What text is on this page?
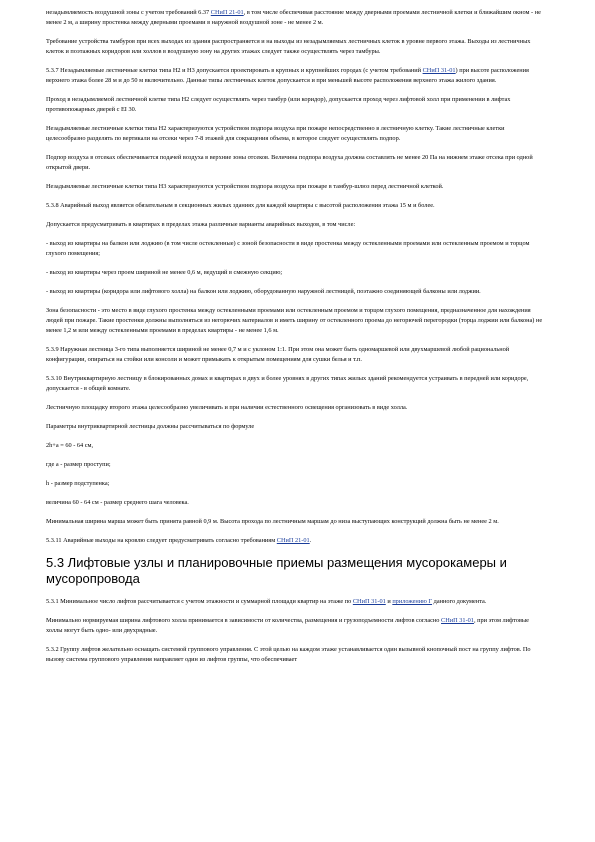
незадымляемость воздушной зоны с учетом требований 6.37 СНиП 21-01, в том числе обеспечивая расстояние между дверными проемами лестничной клетки и ближайшим окном - не менее 2 м, а ширину простенка между дверными проемами в наружной воздушной зоне - не менее 2 м.

Требование устройства тамбуров при всех выходах из здания распространяется и на выходы из незадымляемых лестничных клеток в уровне первого этажа. Выходы из лестничных клеток и поэтажных коридоров или холлов в воздушную зону на других этажах следует также осуществлять через тамбуры.

5.3.7 Незадымляемые лестничные клетки типа Н2 и Н3 допускается проектировать в крупных и крупнейших городах (с учетом требований СНиП 31-01) при высоте расположения верхнего этажа более 28 м и до 50 м включительно. Данные типы лестничных клеток допускается и при меньшей высоте расположения верхнего этажа жилого здания.

Проход в незадымляемой лестничной клетке типа Н2 следует осуществлять через тамбур (или коридор), допускается проход через лифтовой холл при применении в лифтах противопожарных дверей с EI 30.

Незадымляемые лестничные клетки типа Н2 характеризуются устройством подпора воздуха при пожаре непосредственно в лестничную клетку. Такие лестничные клетки целесообразно разделять по вертикали на отсеки через 7-8 этажей для сокращения объема, в которое следует осуществлять подпор.

Подпор воздуха в отсеках обеспечивается подачей воздуха в верхние зоны отсеков. Величина подпора воздуха должна составлять не менее 20 Па на нижнем этаже отсека при одной открытой двери.

Незадымляемые лестничные клетки типа Н3 характеризуются устройством подпора воздуха при пожаре в тамбур-шлюз перед лестничной клеткой.

5.3.8 Аварийный выход является обязательным в секционных жилых зданиях для каждой квартиры с высотой расположения этажа 15 м и более.

Допускается предусматривать в квартирах в пределах этажа различные варианты аварийных выходов, в том числе:

- выход из квартиры на балкон или лоджию (в том числе остекленные) с зоной безопасности в виде простенка между остекленными проемами или остекленным проемом и торцом глухого помещения;

- выход из квартиры через проем шириной не менее 0,6 м, ведущий в смежную секцию;

- выход из квартиры (коридора или лифтового холла) на балкон или лоджию, оборудованную наружной лестницей, поэтажно соединяющей балконы или лоджии.

Зона безопасности - это место в виде глухого простенка между остекленными проемами или остекленным проемом и торцом глухого помещения, предназначенное для нахождения людей при пожаре. Такие простенки должны выполняться из негорючих материалов и иметь ширину от остекленного проема до негорючей перегородки (торца лоджии или балкона) не менее 1,2 м или между остекленными проемами в пределах квартиры - не менее 1,6 м.

5.3.9 Наружная лестница 3-го типа выполняется шириной не менее 0,7 м и с уклоном 1:1. При этом она может быть одномаршевой или двухмаршевой любой рациональной конфигурации, опираться на стойки или консоли и может примыкать к открытым помещениям для сушки белья и т.п.

5.3.10 Внутриквартирную лестницу в блокированных домах и квартирах в двух и более уровнях в других типах жилых зданий рекомендуется устраивать в передней или коридоре, допускается - в общей комнате.

Лестничную площадку второго этажа целесообразно увеличивать и при наличии естественного освещения организовать в виде холла.

Параметры внутриквартирной лестницы должны рассчитываться по формуле

2h+a = 60 - 64 см,

где a - размер проступи;

h - размер подступенка;

величина 60 - 64 см - размер среднего шага человека.

Минимальная ширина марша может быть принята равной 0,9 м. Высота прохода по лестничным маршам до низа выступающих конструкций должна быть не менее 2 м.

5.3.11 Аварийные выходы на кровлю следует предусматривать согласно требованиям СНиП 21-01.

5.3 Лифтовые узлы и планировочные приемы размещения мусорокамеры и мусоропровода

5.3.1 Минимальное число лифтов рассчитывается с учетом этажности и суммарной площади квартир на этаже по СНиП 31-01 и приложению Г данного документа.

Минимально нормируемая ширина лифтового холла принимается в зависимости от количества, размещения и грузоподъемности лифтов согласно СНиП 31-01, при этом лифтовые холлы могут быть одно- или двухрядные.

5.3.2 Группу лифтов желательно оснащать системой группового управления. С этой целью на каждом этаже устанавливается один вызывной кнопочный пост на группу лифтов. По вызову система группового управления направляет один из лифтов группы, что обеспечивает
